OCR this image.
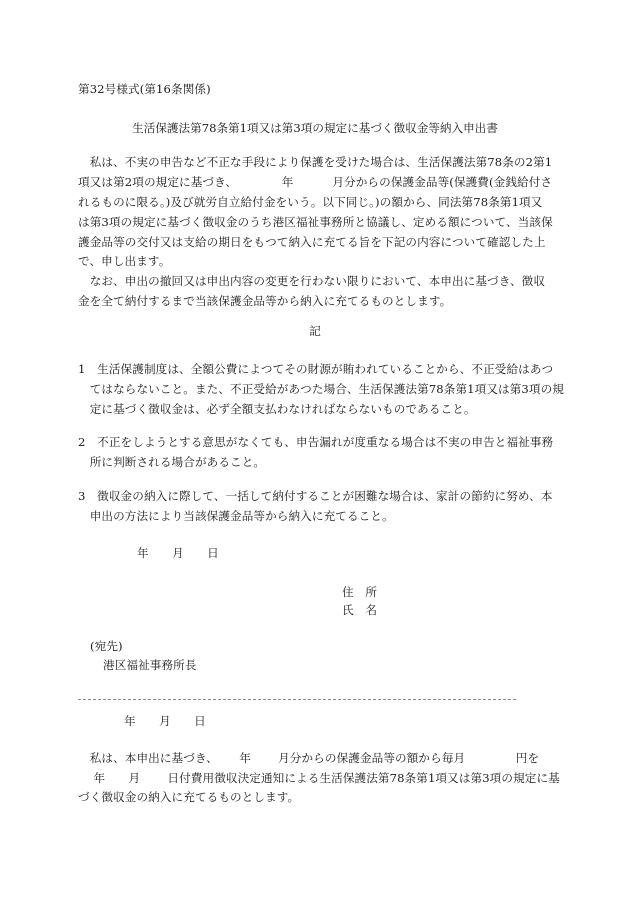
第32号様式(第16条関係)
生活保護法第78条第1項又は第3項の規定に基づく徴収金等納入申出書
　私は、不実の申告など不正な手段により保護を受けた場合は、生活保護法第78条の2第1
項又は第2項の規定に基づき、　　　　 年　　　 月分からの保護金品等(保護費(金銭給付さ
れるものに限る。)及び就労自立給付金をいう。以下同じ。)の額から、同法第78条第1項又
は第3項の規定に基づく徴収金のうち港区福祉事務所と協議し、定める額について、当該保
護金品等の交付又は支給の期日をもつて納入に充てる旨を下記の内容について確認した上
で、申し出ます。
　なお、申出の撤回又は申出内容の変更を行わない限りにおいて、本申出に基づき、徴収
金を全て納付するまで当該保護金品等から納入に充てるものとします。
記
1　生活保護制度は、全額公費によつてその財源が賄われていることから、不正受給はあつ
　てはならないこと。また、不正受給があつた場合、生活保護法第78条第1項又は第3項の規
　定に基づく徴収金は、必ず全額支払わなければならないものであること。
2　不正をしようとする意思がなくても、申告漏れが度重なる場合は不実の申告と福祉事務
　所に判断される場合があること。
3　徴収金の納入に際して、一括して納付することが困難な場合は、家計の節約に努め、本
　申出の方法により当該保護金品等から納入に充てること。
年　　月　　日
住　所
氏　名
(宛先)
港区福祉事務所長
年　　月　　日
　私は、本申出に基づき、　　 年　　 月分からの保護金品等の額から毎月　　　　 円を
　 年　　月　　 日付費用徴収決定通知による生活保護法第78条第1項又は第3項の規定に基
づく徴収金の納入に充てるものとします。
